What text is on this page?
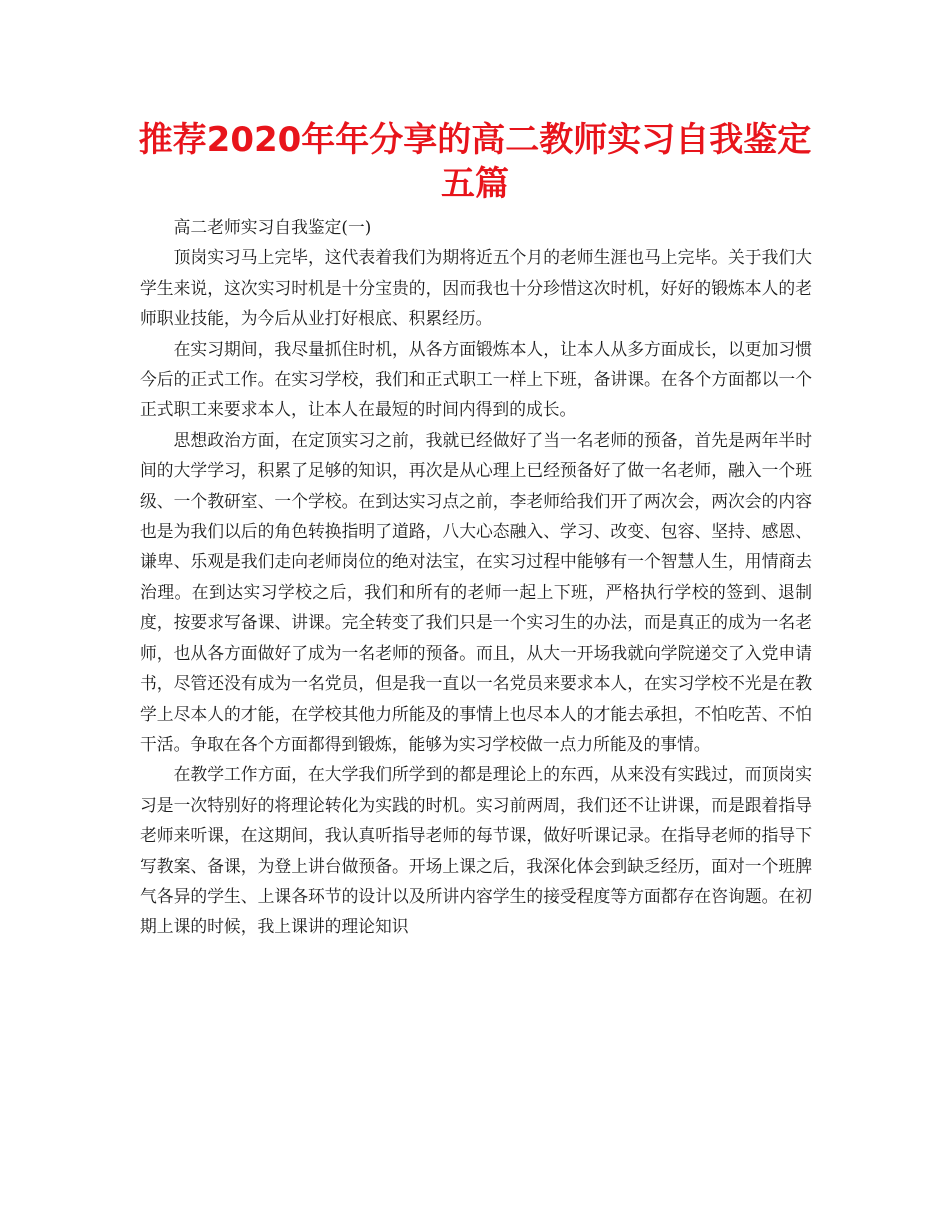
推荐2020年年分享的高二教师实习自我鉴定五篇

高二老师实习自我鉴定(一)

顶岗实习马上完毕，这代表着我们为期将近五个月的老师生涯也马上完毕。关于我们大学生来说，这次实习时机是十分宝贵的，因而我也十分珍惜这次时机，好好的锻炼本人的老师职业技能，为今后从业打好根底、积累经历。

在实习期间，我尽量抓住时机，从各方面锻炼本人，让本人从多方面成长，以更加习惯今后的正式工作。在实习学校，我们和正式职工一样上下班，备讲课。在各个方面都以一个正式职工来要求本人，让本人在最短的时间内得到的成长。

思想政治方面，在定顶实习之前，我就已经做好了当一名老师的预备，首先是两年半时间的大学学习，积累了足够的知识，再次是从心理上已经预备好了做一名老师，融入一个班级、一个教研室、一个学校。在到达实习点之前，李老师给我们开了两次会，两次会的内容也是为我们以后的角色转换指明了道路，八大心态融入、学习、改变、包容、坚持、感恩、谦卑、乐观是我们走向老师岗位的绝对法宝，在实习过程中能够有一个智慧人生，用情商去治理。在到达实习学校之后，我们和所有的老师一起上下班，严格执行学校的签到、退制度，按要求写备课、讲课。完全转变了我们只是一个实习生的办法，而是真正的成为一名老师，也从各方面做好了成为一名老师的预备。而且，从大一开场我就向学院递交了入党申请书，尽管还没有成为一名党员，但是我一直以一名党员来要求本人，在实习学校不光是在教学上尽本人的才能，在学校其他力所能及的事情上也尽本人的才能去承担，不怕吃苦、不怕干活。争取在各个方面都得到锻炼，能够为实习学校做一点力所能及的事情。

在教学工作方面，在大学我们所学到的都是理论上的东西，从来没有实践过，而顶岗实习是一次特别好的将理论转化为实践的时机。实习前两周，我们还不让讲课，而是跟着指导老师来听课，在这期间，我认真听指导老师的每节课，做好听课记录。在指导老师的指导下写教案、备课，为登上讲台做预备。开场上课之后，我深化体会到缺乏经历，面对一个班脾气各异的学生、上课各环节的设计以及所讲内容学生的接受程度等方面都存在咨询题。在初期上课的时候，我上课讲的理论知识
